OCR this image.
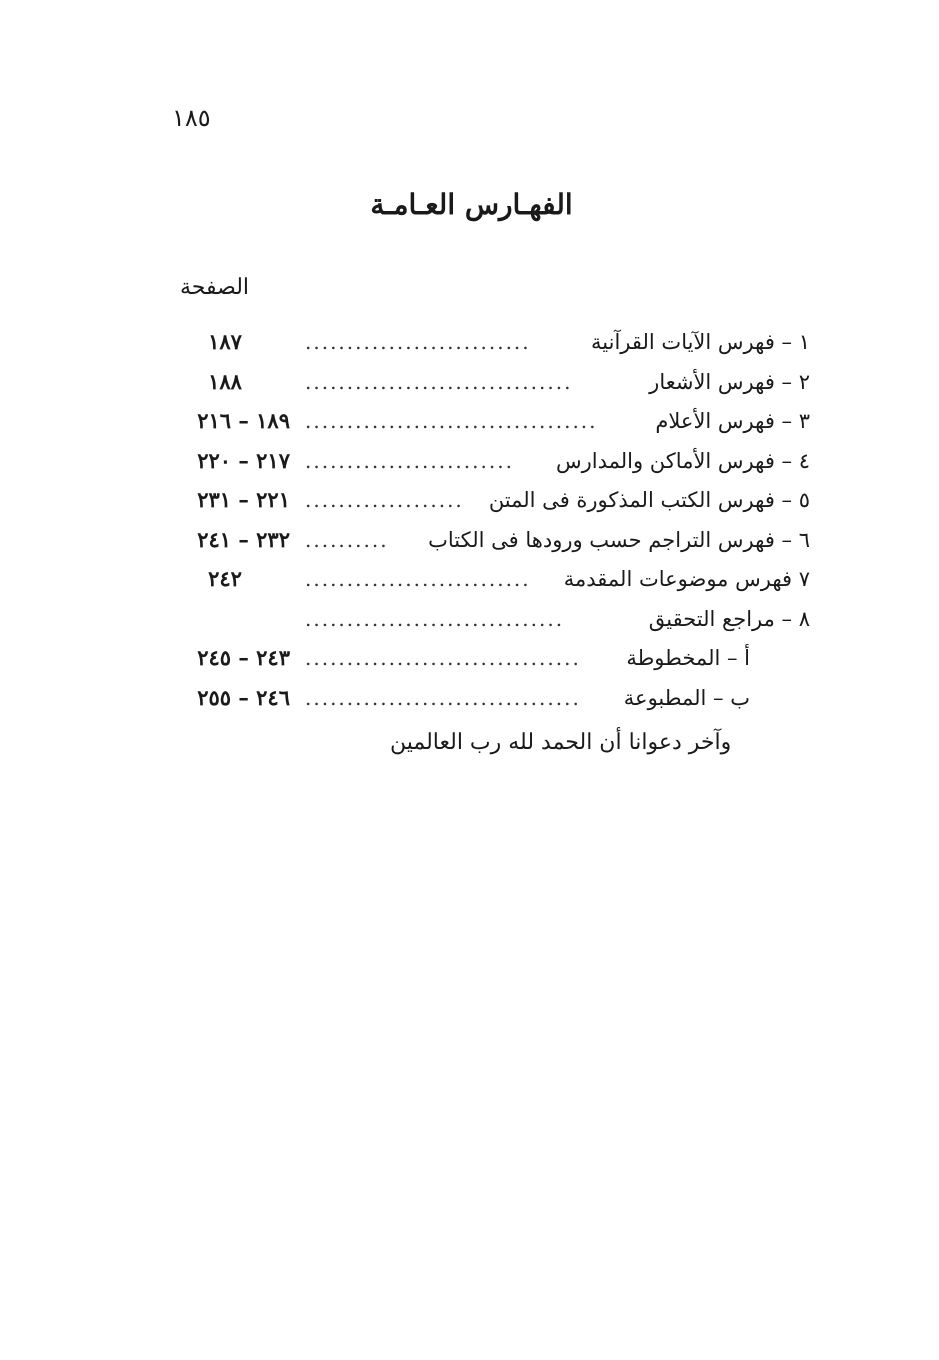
١٨٥
الفهـارس العـامـة
الصفحة
١ – فهرس الآيات القرآنية
...........................
١٨٧
٢ – فهرس الأشعار
................................
١٨٨
٣ – فهرس الأعلام
...................................
١٨٩ – ٢١٦
٤ – فهرس الأماكن والمدارس
.........................
٢١٧ – ٢٢٠
٥ – فهرس الكتب المذكورة فى المتن
...................
٢٢١ – ٢٣١
٦ – فهرس التراجم حسب ورودها فى الكتاب
..........
٢٣٢ – ٢٤١
٧ فهرس موضوعات المقدمة
...........................
٢٤٢
٨ – مراجع التحقيق
...............................
أ – المخطوطة
.................................
٢٤٣ – ٢٤٥
ب – المطبوعة
.................................
٢٤٦ – ٢٥٥
وآخر دعوانا أن الحمد لله رب العالمين
